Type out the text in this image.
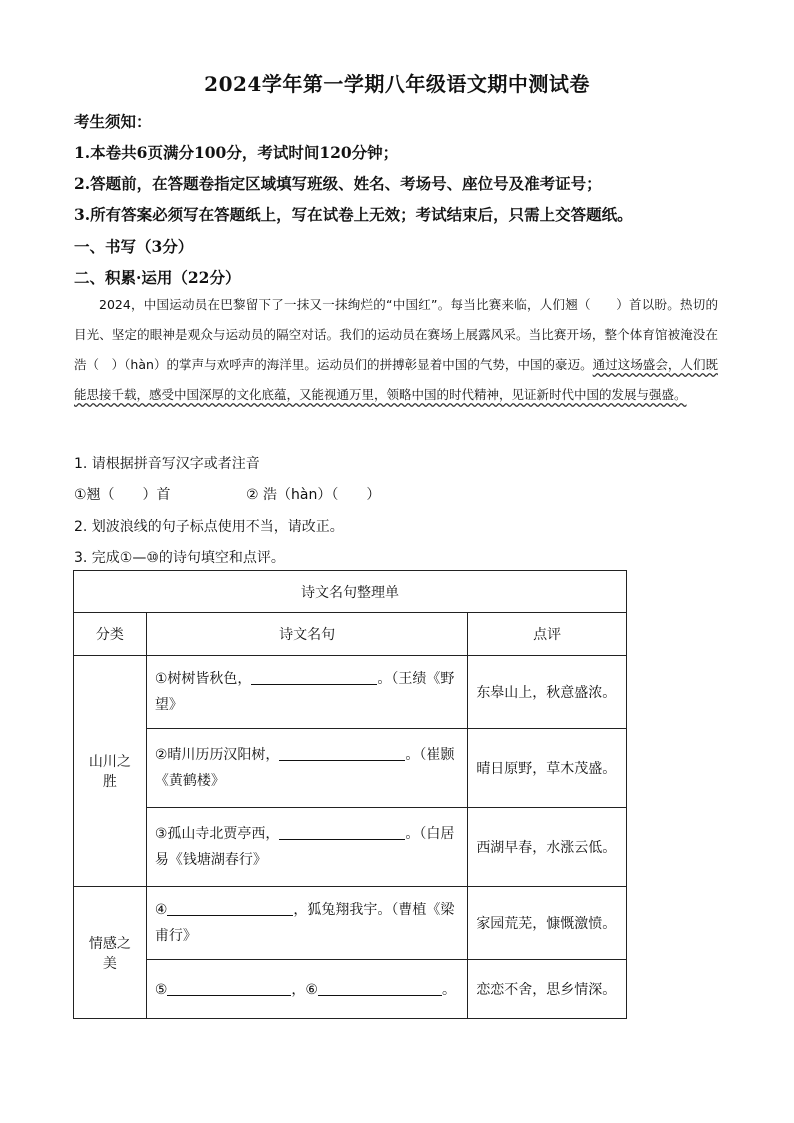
2024学年第一学期八年级语文期中测试卷
考生须知：
1.本卷共6页满分100分，考试时间120分钟；
2.答题前，在答题卷指定区域填写班级、姓名、考场号、座位号及准考证号；
3.所有答案必须写在答题纸上，写在试卷上无效；考试结束后，只需上交答题纸。
一、书写（3分）
二、积累·运用（22分）

2024，中国运动员在巴黎留下了一抹又一抹绚烂的“中国红”。每当比赛来临，人们翘（　　）首以盼。热切的目光、坚定的眼神是观众与运动员的隔空对话。我们的运动员在赛场上展露风采。当比赛开场，整个体育馆被淹没在浩（　）（hàn）的掌声与欢呼声的海洋里。运动员们的拼搏彰显着中国的气势，中国的豪迈。通过这场盛会，人们既能思接千载，感受中国深厚的文化底蕴，又能视通万里，领略中国的时代精神，见证新时代中国的发展与强盛。

1. 请根据拼音写汉字或者注音
①翘（　　）首	② 浩（hàn）（　　）
2. 划波浪线的句子标点使用不当，请改正。
3. 完成①—⑩的诗句填空和点评。
诗文名句整理单		
分类	诗文名句	点评
山川之胜	①树树皆秋色， 。（王绩《野望》	东皋山上，秋意盛浓。
	②晴川历历汉阳树， 。（崔颢《黄鹤楼》	晴日原野，草木茂盛。
	③孤山寺北贾亭西， 。（白居易《钱塘湖春行》	西湖早春，水涨云低。
情感之美	④ ，狐兔翔我宇。（曹植《梁甫行》	家园荒芜，慷慨激愤。
	⑤ ，⑥ 。	恋恋不舍，思乡情深。
